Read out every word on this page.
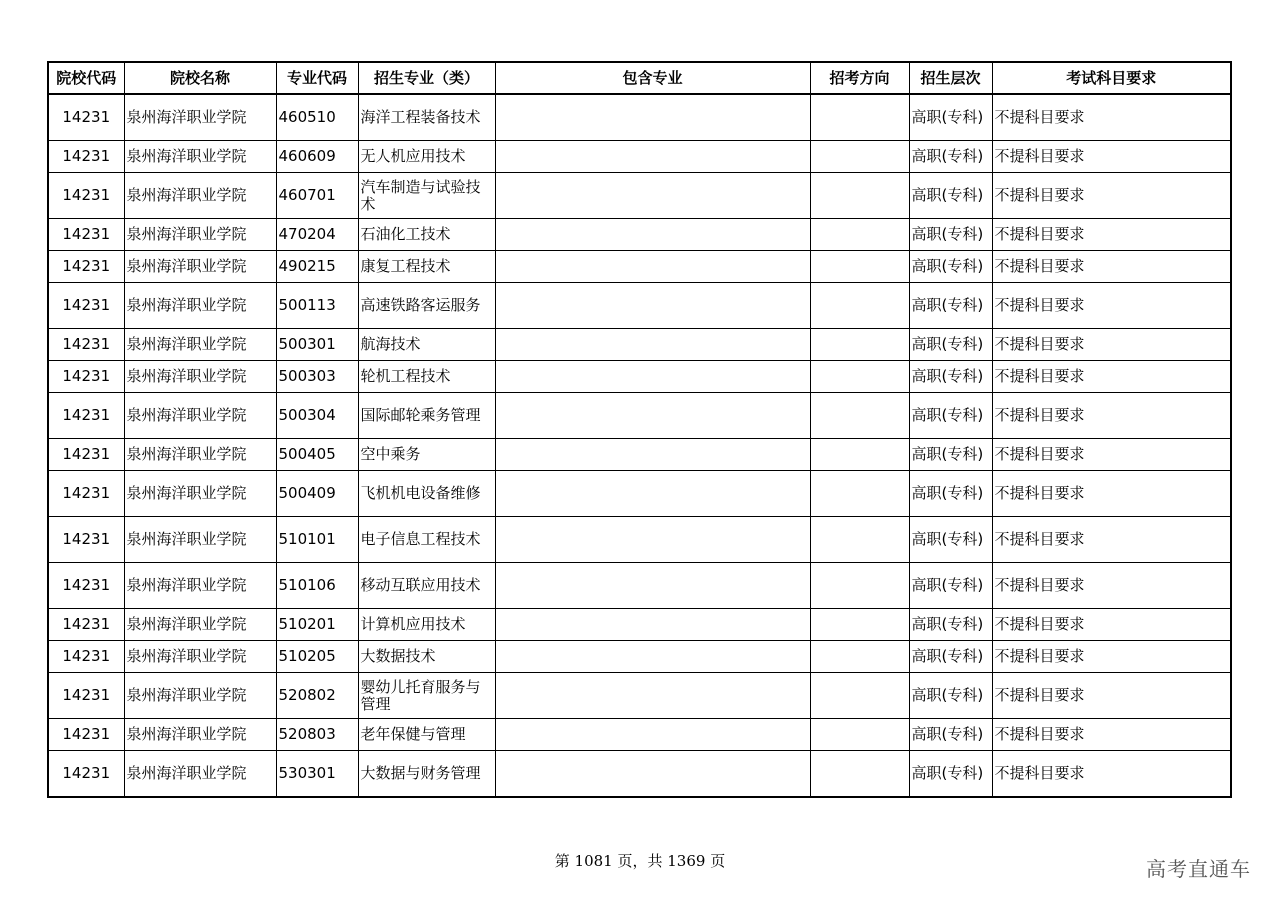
院校代码	院校名称	专业代码	招生专业（类）	包含专业	招考方向	招生层次	考试科目要求
14231	泉州海洋职业学院	460510	海洋工程装备技术			高职(专科)	不提科目要求
14231	泉州海洋职业学院	460609	无人机应用技术			高职(专科)	不提科目要求
14231	泉州海洋职业学院	460701	汽车制造与试验技术			高职(专科)	不提科目要求
14231	泉州海洋职业学院	470204	石油化工技术			高职(专科)	不提科目要求
14231	泉州海洋职业学院	490215	康复工程技术			高职(专科)	不提科目要求
14231	泉州海洋职业学院	500113	高速铁路客运服务			高职(专科)	不提科目要求
14231	泉州海洋职业学院	500301	航海技术			高职(专科)	不提科目要求
14231	泉州海洋职业学院	500303	轮机工程技术			高职(专科)	不提科目要求
14231	泉州海洋职业学院	500304	国际邮轮乘务管理			高职(专科)	不提科目要求
14231	泉州海洋职业学院	500405	空中乘务			高职(专科)	不提科目要求
14231	泉州海洋职业学院	500409	飞机机电设备维修			高职(专科)	不提科目要求
14231	泉州海洋职业学院	510101	电子信息工程技术			高职(专科)	不提科目要求
14231	泉州海洋职业学院	510106	移动互联应用技术			高职(专科)	不提科目要求
14231	泉州海洋职业学院	510201	计算机应用技术			高职(专科)	不提科目要求
14231	泉州海洋职业学院	510205	大数据技术			高职(专科)	不提科目要求
14231	泉州海洋职业学院	520802	婴幼儿托育服务与管理			高职(专科)	不提科目要求
14231	泉州海洋职业学院	520803	老年保健与管理			高职(专科)	不提科目要求
14231	泉州海洋职业学院	530301	大数据与财务管理			高职(专科)	不提科目要求
第 1081 页，共 1369 页	高考直通车
